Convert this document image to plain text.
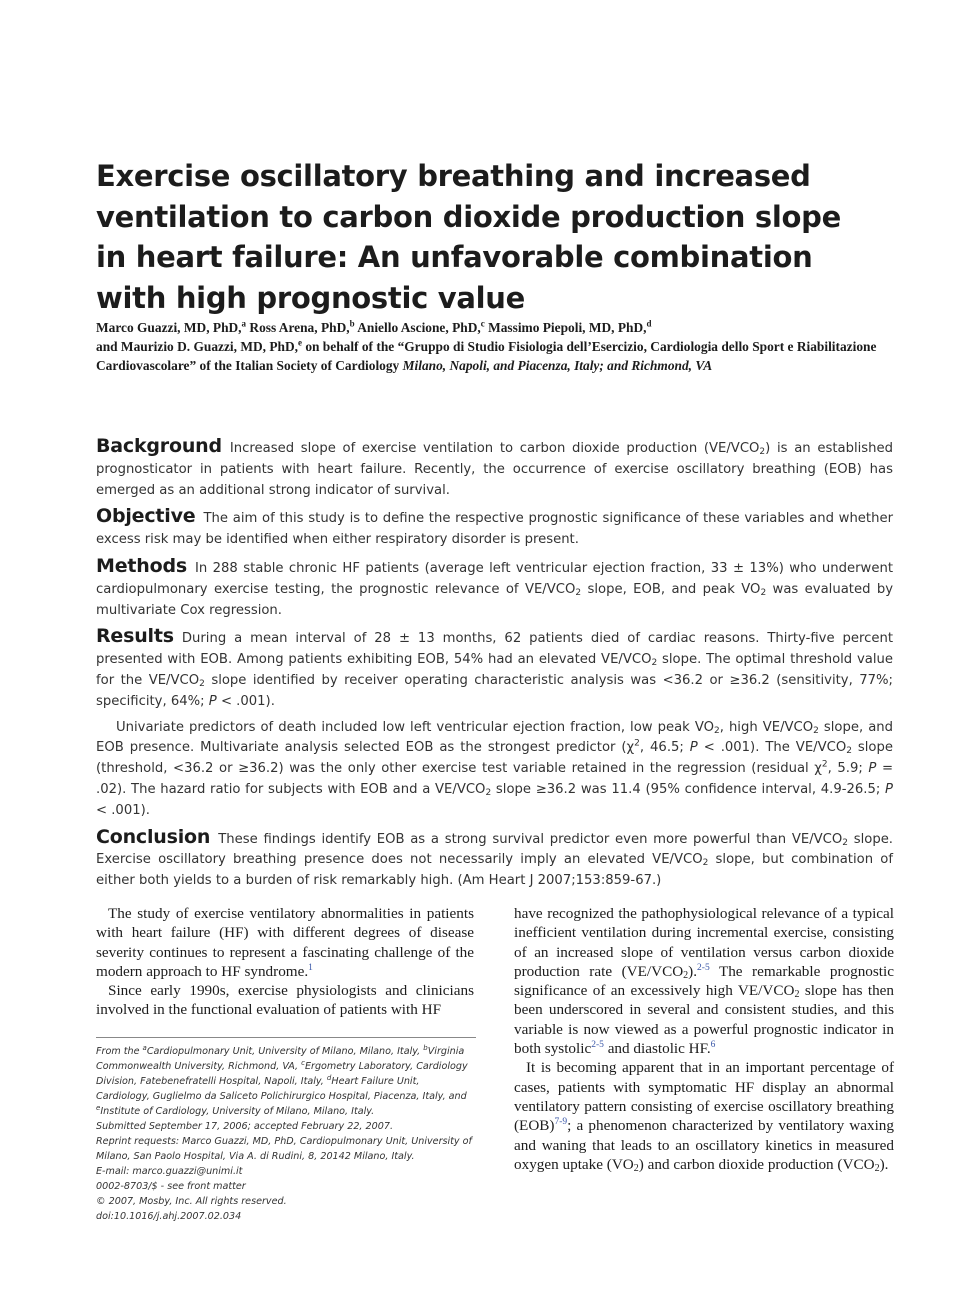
Exercise oscillatory breathing and increased ventilation to carbon dioxide production slope in heart failure: An unfavorable combination with high prognostic value
Marco Guazzi, MD, PhD,$^a$ Ross Arena, PhD,$^b$ Aniello Ascione, PhD,$^c$ Massimo Piepoli, MD, PhD,$^d$
and Maurizio D. Guazzi, MD, PhD,$^e$ on behalf of the “Gruppo di Studio Fisiologia dell’Esercizio, Cardiologia dello Sport e Riabilitazione Cardiovascolare” of the Italian Society of Cardiology Milano, Napoli, and Piacenza, Italy; and Richmond, VA

Background Increased slope of exercise ventilation to carbon dioxide production $(VE/VCO_2)$ is an established prognosticator in patients with heart failure. Recently, the occurrence of exercise oscillatory breathing (EOB) has emerged as an additional strong indicator of survival.

Objective The aim of this study is to define the respective prognostic significance of these variables and whether excess risk may be identified when either respiratory disorder is present.

Methods In 288 stable chronic HF patients (average left ventricular ejection fraction, 33 ± 13%) who underwent cardiopulmonary exercise testing, the prognostic relevance of $VE/VCO_2$ slope, EOB, and peak $VO_2$ was evaluated by multivariate Cox regression.

Results During a mean interval of 28 ± 13 months, 62 patients died of cardiac reasons. Thirty-five percent presented with EOB. Among patients exhibiting EOB, 54% had an elevated $VE/VCO_2$ slope. The optimal threshold value for the $VE/VCO_2$ slope identified by receiver operating characteristic analysis was <36.2 or ≥36.2 (sensitivity, 77%; specificity, 64%; P < .001).

Univariate predictors of death included low left ventricular ejection fraction, low peak $VO_2$, high $VE/VCO_2$ slope, and EOB presence. Multivariate analysis selected EOB as the strongest predictor ($\chi^2$, 46.5; P < .001). The $VE/VCO_2$ slope (threshold, <36.2 or ≥36.2) was the only other exercise test variable retained in the regression (residual $\chi^2$, 5.9; P = .02). The hazard ratio for subjects with EOB and a $VE/VCO_2$ slope ≥36.2 was 11.4 (95% confidence interval, 4.9-26.5; P < .001).

Conclusion These findings identify EOB as a strong survival predictor even more powerful than $VE/VCO_2$ slope. Exercise oscillatory breathing presence does not necessarily imply an elevated $VE/VCO_2$ slope, but combination of either both yields to a burden of risk remarkably high. (Am Heart J 2007;153:859-67.)

The study of exercise ventilatory abnormalities in patients with heart failure (HF) with different degrees of disease severity continues to represent a fascinating challenge of the modern approach to HF syndrome.$^1$

Since early 1990s, exercise physiologists and clinicians involved in the functional evaluation of patients with HF

From the $^a$Cardiopulmonary Unit, University of Milano, Milano, Italy, $^b$Virginia Commonwealth University, Richmond, VA, $^c$Ergometry Laboratory, Cardiology Division, Fatebenefratelli Hospital, Napoli, Italy, $^d$Heart Failure Unit, Cardiology, Guglielmo da Saliceto Polichirurgico Hospital, Piacenza, Italy, and $^e$Institute of Cardiology, University of Milano, Milano, Italy.

Submitted September 17, 2006; accepted February 22, 2007.

Reprint requests: Marco Guazzi, MD, PhD, Cardiopulmonary Unit, University of Milano, San Paolo Hospital, Via A. di Rudini, 8, 20142 Milano, Italy.

E-mail: marco.guazzi@unimi.it

0002-8703/$ - see front matter

© 2007, Mosby, Inc. All rights reserved.

doi:10.1016/j.ahj.2007.02.034

have recognized the pathophysiological relevance of a typical inefficient ventilation during incremental exercise, consisting of an increased slope of ventilation versus carbon dioxide production rate $(VE/VCO_2).^{2-5}$ The remarkable prognostic significance of an excessively high $VE/VCO_2$ slope has then been underscored in several and consistent studies, and this variable is now viewed as a powerful prognostic indicator in both systolic$^{2-5}$ and diastolic HF.$^6$

It is becoming apparent that in an important percentage of cases, patients with symptomatic HF display an abnormal ventilatory pattern consisting of exercise oscillatory breathing (EOB)$^{7-9}$; a phenomenon characterized by ventilatory waxing and waning that leads to an oscillatory kinetics in measured oxygen uptake $(VO_2)$ and carbon dioxide production $(VCO_2)$.
